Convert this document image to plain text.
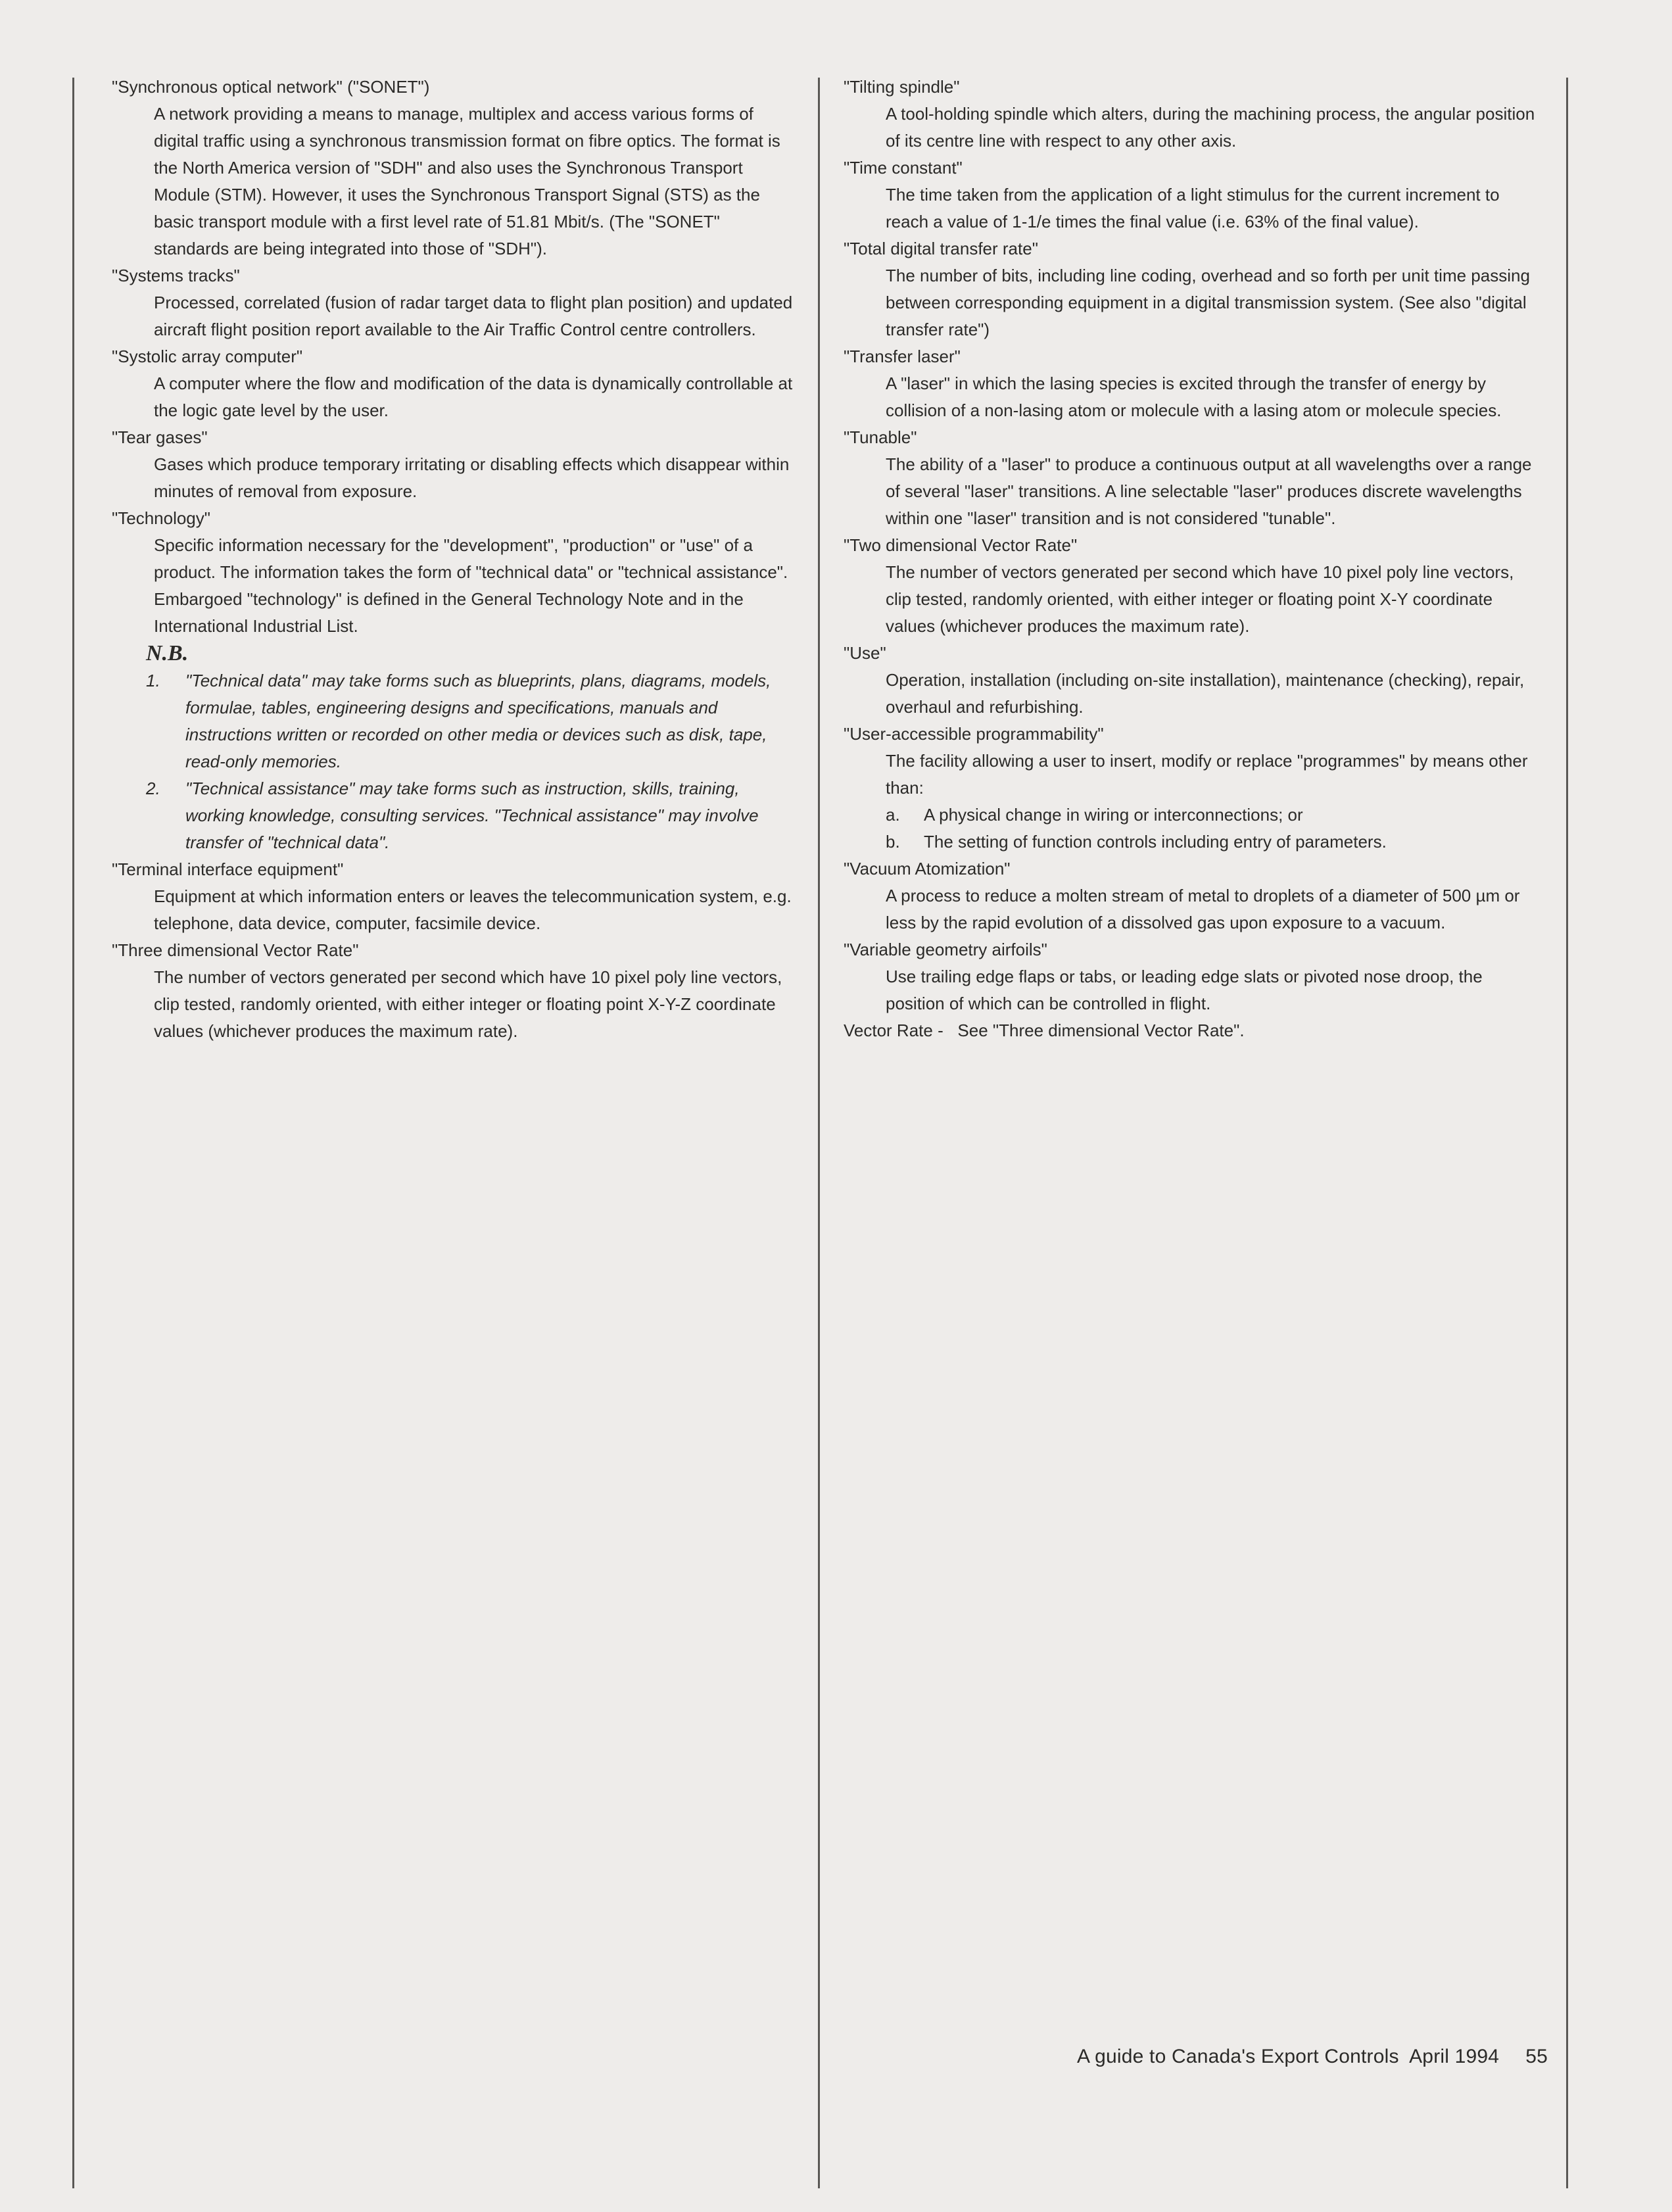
"Synchronous optical network" ("SONET")
A network providing a means to manage, multiplex and access various forms of digital traffic using a synchronous transmission format on fibre optics. The format is the North America version of "SDH" and also uses the Synchronous Transport Module (STM). However, it uses the Synchronous Transport Signal (STS) as the basic transport module with a first level rate of 51.81 Mbit/s. (The "SONET" standards are being integrated into those of "SDH").
"Systems tracks"
Processed, correlated (fusion of radar target data to flight plan position) and updated aircraft flight position report available to the Air Traffic Control centre controllers.
"Systolic array computer"
A computer where the flow and modification of the data is dynamically controllable at the logic gate level by the user.
"Tear gases"
Gases which produce temporary irritating or disabling effects which disappear within minutes of removal from exposure.
"Technology"
Specific information necessary for the "development", "production" or "use" of a product. The information takes the form of "technical data" or "technical assistance". Embargoed "technology" is defined in the General Technology Note and in the International Industrial List.
N.B.
1.	"Technical data" may take forms such as blueprints, plans, diagrams, models, formulae, tables, engineering designs and specifications, manuals and instructions written or recorded on other media or devices such as disk, tape, read-only memories.
2.	"Technical assistance" may take forms such as instruction, skills, training, working knowledge, consulting services. "Technical assistance" may involve transfer of "technical data".
"Terminal interface equipment"
Equipment at which information enters or leaves the telecommunication system, e.g. telephone, data device, computer, facsimile device.
"Three dimensional Vector Rate"
The number of vectors generated per second which have 10 pixel poly line vectors, clip tested, randomly oriented, with either integer or floating point X-Y-Z coordinate values (whichever produces the maximum rate).
"Tilting spindle"
A tool-holding spindle which alters, during the machining process, the angular position of its centre line with respect to any other axis.
"Time constant"
The time taken from the application of a light stimulus for the current increment to reach a value of 1-1/e times the final value (i.e. 63% of the final value).
"Total digital transfer rate"
The number of bits, including line coding, overhead and so forth per unit time passing between corresponding equipment in a digital transmission system. (See also "digital transfer rate")
"Transfer laser"
A "laser" in which the lasing species is excited through the transfer of energy by collision of a non-lasing atom or molecule with a lasing atom or molecule species.
"Tunable"
The ability of a "laser" to produce a continuous output at all wavelengths over a range of several "laser" transitions. A line selectable "laser" produces discrete wavelengths within one "laser" transition and is not considered "tunable".
"Two dimensional Vector Rate"
The number of vectors generated per second which have 10 pixel poly line vectors, clip tested, randomly oriented, with either integer or floating point X-Y coordinate values (whichever produces the maximum rate).
"Use"
Operation, installation (including on-site installation), maintenance (checking), repair, overhaul and refurbishing.
"User-accessible programmability"
The facility allowing a user to insert, modify or replace "programmes" by means other than:
a.	A physical change in wiring or interconnections; or
b.	The setting of function controls including entry of parameters.
"Vacuum Atomization"
A process to reduce a molten stream of metal to droplets of a diameter of 500 µm or less by the rapid evolution of a dissolved gas upon exposure to a vacuum.
"Variable geometry airfoils"
Use trailing edge flaps or tabs, or leading edge slats or pivoted nose droop, the position of which can be controlled in flight.
Vector Rate -   See "Three dimensional Vector Rate".
A guide to Canada's Export Controls  April 1994 55
